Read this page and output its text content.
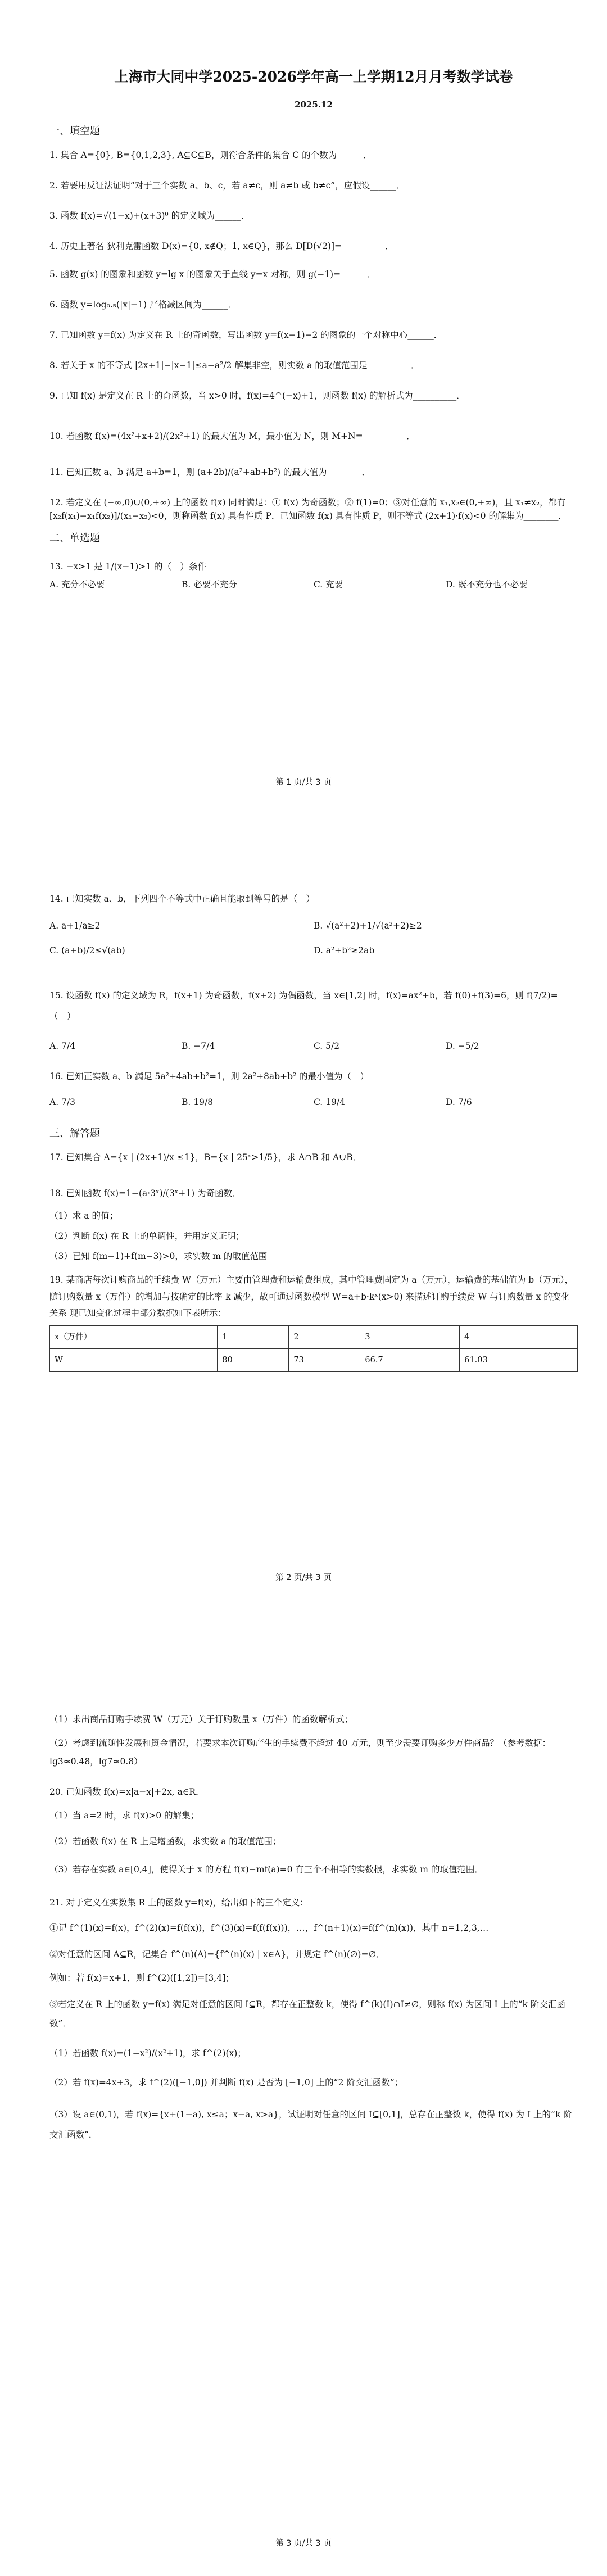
上海市大同中学2025-2026学年高一上学期12月月考数学试卷
2025.12
一、填空题
1. 集合 A={0}, B={0,1,2,3}, A⊆C⊆B，则符合条件的集合 C 的个数为______．
2. 若要用反证法证明“对于三个实数 a、b、c，若 a≠c，则 a≠b 或 b≠c”，应假设______．
3. 函数 f(x)=√(1−x)+(x+3)⁰ 的定义域为______．
4. 历史上著名 狄利克雷函数 D(x)={0, x∉Q；1, x∈Q}，那么 D[D(√2)]=__________．
5. 函数 g(x) 的图象和函数 y=lg x 的图象关于直线 y=x 对称，则 g(−1)=______．
6. 函数 y=log₀.₅(|x|−1) 严格减区间为______．
7. 已知函数 y=f(x) 为定义在 R 上的奇函数，写出函数 y=f(x−1)−2 的图象的一个对称中心______．
8. 若关于 x 的不等式 |2x+1|−|x−1|≤a−a²/2 解集非空，则实数 a 的取值范围是__________．
9. 已知 f(x) 是定义在 R 上的奇函数，当 x>0 时，f(x)=4^(−x)+1，则函数 f(x) 的解析式为__________．
10. 若函数 f(x)=(4x²+x+2)/(2x²+1) 的最大值为 M，最小值为 N，则 M+N=__________．
11. 已知正数 a、b 满足 a+b=1，则 (a+2b)/(a²+ab+b²) 的最大值为________．
12. 若定义在 (−∞,0)∪(0,+∞) 上的函数 f(x) 同时满足：① f(x) 为奇函数；② f(1)=0；③对任意的 x₁,x₂∈(0,+∞)，且 x₁≠x₂，都有 [x₂f(x₁)−x₁f(x₂)]/(x₁−x₂)<0，则称函数 f(x) 具有性质 P．已知函数 f(x) 具有性质 P，则不等式 (2x+1)·f(x)<0 的解集为________．
二、单选题
13. −x>1 是 1/(x−1)>1 的（　）条件
A. 充分不必要	B. 必要不充分	C. 充要	D. 既不充分也不必要
第 1 页/共 3 页
14. 已知实数 a、b，下列四个不等式中正确且能取到等号的是（　）
A. a+1/a≥2	B. √(a²+2)+1/√(a²+2)≥2
C. (a+b)/2≤√(ab)	D. a²+b²≥2ab
15. 设函数 f(x) 的定义域为 R，f(x+1) 为奇函数，f(x+2) 为偶函数，当 x∈[1,2] 时，f(x)=ax²+b，若 f(0)+f(3)=6，则 f(7/2)=（　）
A. 7/4	B. −7/4	C. 5/2	D. −5/2
16. 已知正实数 a、b 满足 5a²+4ab+b²=1，则 2a²+8ab+b² 的最小值为（　）
A. 7/3	B. 19/8	C. 19/4	D. 7/6
三、解答题
17. 已知集合 A={x | (2x+1)/x ≤1}，B={x | 25ˣ>1/5}，求 A∩B 和 A̅∪B̅．
18. 已知函数 f(x)=1−(a·3ˣ)/(3ˣ+1) 为奇函数．
（1）求 a 的值；
（2）判断 f(x) 在 R 上的单调性，并用定义证明；
（3）已知 f(m−1)+f(m−3)>0，求实数 m 的取值范围
19. 某商店每次订购商品的手续费 W（万元）主要由管理费和运输费组成，其中管理费固定为 a（万元），运输费的基础值为 b（万元），随订购数量 x（万件）的增加与按确定的比率 k 减少，故可通过函数模型 W=a+b·kˣ(x>0) 来描述订购手续费 W 与订购数量 x 的变化关系 现已知变化过程中部分数据如下表所示：
x（万件）	1	2	3	4
W	80	73	66.7	61.03
第 2 页/共 3 页
（1）求出商品订购手续费 W（万元）关于订购数量 x（万件）的函数解析式；
（2）考虑到流随性发展和资金情况，若要求本次订购产生的手续费不超过 40 万元，则至少需要订购多少万件商品？（参考数据：lg3≈0.48，lg7≈0.8）
20. 已知函数 f(x)=x|a−x|+2x, a∈R．
（1）当 a=2 时，求 f(x)>0 的解集；
（2）若函数 f(x) 在 R 上是增函数，求实数 a 的取值范围；
（3）若存在实数 a∈[0,4]，使得关于 x 的方程 f(x)−mf(a)=0 有三个不相等的实数根，求实数 m 的取值范围．
21. 对于定义在实数集 R 上的函数 y=f(x)，给出如下的三个定义：
①记 f^(1)(x)=f(x)，f^(2)(x)=f(f(x))，f^(3)(x)=f(f(f(x)))，…，f^(n+1)(x)=f(f^(n)(x))，其中 n=1,2,3,…
②对任意的区间 A⊆R，记集合 f^(n)(A)={f^(n)(x) | x∈A}，并规定 f^(n)(∅)=∅．
例如：若 f(x)=x+1，则 f^(2)([1,2])=[3,4]；
③若定义在 R 上的函数 y=f(x) 满足对任意的区间 I⊆R，都存在正整数 k，使得 f^(k)(I)∩I≠∅，则称 f(x) 为区间 I 上的“k 阶交汇函数”．
（1）若函数 f(x)=(1−x²)/(x²+1)，求 f^(2)(x)；
（2）若 f(x)=4x+3，求 f^(2)([−1,0]) 并判断 f(x) 是否为 [−1,0] 上的“2 阶交汇函数”；
（3）设 a∈(0,1)，若 f(x)={x+(1−a), x≤a；x−a, x>a}，试证明对任意的区间 I⊆[0,1]，总存在正整数 k，使得 f(x) 为 I 上的“k 阶交汇函数”．
第 3 页/共 3 页
